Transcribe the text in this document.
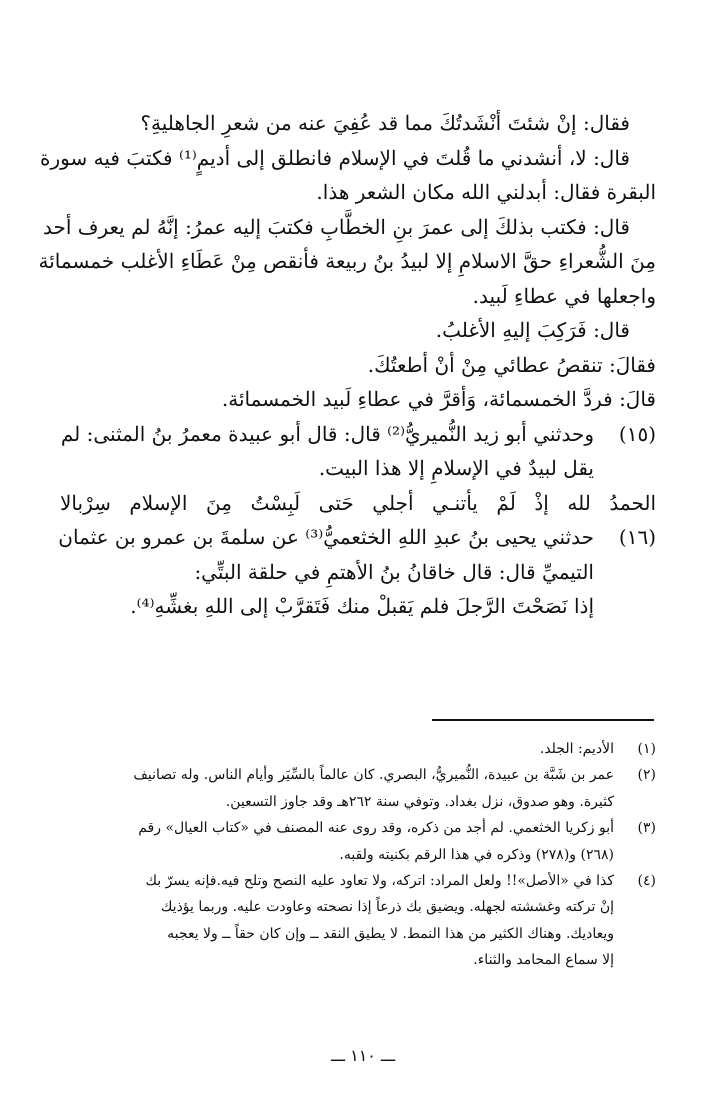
فقال: إنْ شئتَ أنْشَدتُكَ مما قد عُفِيَ عنه من شعرِ الجاهليةِ؟
قال: لا، أنشدني ما قُلتَ في الإسلام فانطلق إلى أديمٍ⁽¹⁾ فكتبَ فيه سورة
البقرة فقال: أبدلني الله مكان الشعر هذا.
قال: فكتب بذلكَ إلى عمرَ بنِ الخطَّابِ فكتبَ إليه عمرُ: إنَّهُ لم يعرف أحد
مِنَ الشُّعراءِ حقَّ الاسلامِ إلا لبيدُ بنُ ربيعة فأنقص مِنْ عَطَاءِ الأغلب خمسمائة
واجعلها في عطاءِ لَبيد.
قال: فَرَكِبَ إليهِ الأغلبُ.
فقالَ: تنقصُ عطائي مِنْ أنْ أطعتُكَ.
قالَ: فردَّ الخمسمائة، وَأقرَّ في عطاءِ لَبيد الخمسمائة.
(١٥)وحدثني أبو زيد النُّميريُّ⁽²⁾ قال: قال أبو عبيدة معمرُ بنُ المثنى: لم
يقل لبيدٌ في الإسلامِ إلا هذا البيت.
الحمدُ لله إذْ لَمْ يأتنـي أجلي حَتى لَبِسْتُ مِنَ الإسلام سِرْبالا
(١٦)حدثني يحيى بنُ عبدِ اللهِ الخثعميُّ⁽³⁾ عن سلمةَ بن عمرو بن عثمان
التيميِّ قال: قال خاقانُ بنُ الأهتمِ في حلقة البتِّي:
إذا نَصَحْتَ الرَّجلَ فلم يَقبلْ منك فَتَقرَّبْ إلى اللهِ بغشِّهِ⁽⁴⁾.
(١)الأديم: الجلد.
(٢)عمر بن شَبَّة بن عبيدة، النُّميريُّ، البصري. كان عالماً بالسِّيَر وأيام الناس. وله تصانيف
كثيرة. وهو صدوق، نزل بغداد. وتوفي سنة ٢٦٢هـ وقد جاوز التسعين.
(٣)أبو زكريا الخثعمي. لم أجد من ذكره، وقد روى عنه المصنف في «كتاب العيال» رقم
(٢٦٨) و(٢٧٨) وذكره في هذا الرقم بكنيته ولقبه.
(٤)كذا في «الأصل»!! ولعل المراد: اتركه، ولا تعاود عليه النصح وتلح فيه.فإنه يسرّ بك
إنْ تركته وغششته لجهله. ويضيق بك ذرعاً إذا نصحته وعاودت عليه. وربما يؤذيك
ويعاديك. وهناك الكثير من هذا النمط. لا يطيق النقد ــ وإن كان حقاً ــ ولا يعجبه
إلا سماع المحامد والثناء.
ـــ ١١٠ ـــ
